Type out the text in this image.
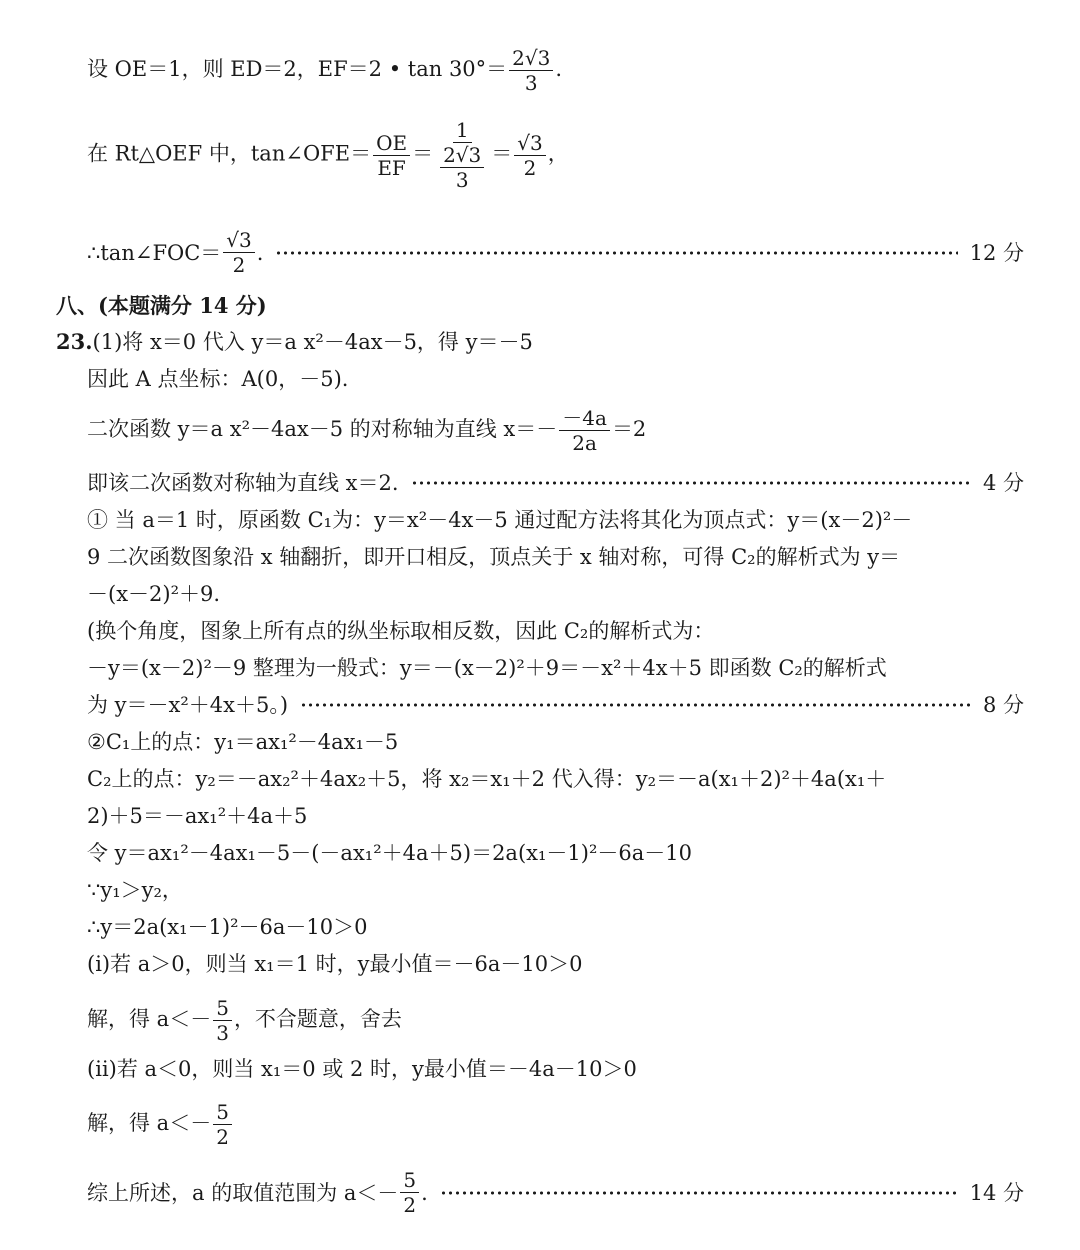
设 OE＝1，则 ED＝2，EF＝2 • $\tan 30^\circ= \frac{2√3}{3}$ .
在 Rt△OEF 中，tan∠OFE＝ $\frac{OE}{EF} = \frac{1}{\frac{2√3}{3}} = \frac{√3}{2}$ ，
∴tan∠FOC＝ $\frac{√3}{2}$ .	12 分
八、(本题满分 14 分)
23.(1)将 x＝0 代入 y＝a x²－4ax－5，得 y＝－5
因此 A 点坐标：A(0，－5).
二次函数 y＝a x²－4ax－5 的对称轴为直线 $x=- \frac{-4a}{2a} =2$
即该二次函数对称轴为直线 x＝2.	4 分
① 当 a＝1 时，原函数 C₁为：y＝x²－4x－5 通过配方法将其化为顶点式：y＝(x－2)²－
9 二次函数图象沿 x 轴翻折，即开口相反，顶点关于 x 轴对称，可得 C₂的解析式为 y＝
－(x－2)²＋9.
(换个角度，图象上所有点的纵坐标取相反数，因此 C₂的解析式为：
－y＝(x－2)²－9 整理为一般式：y＝－(x－2)²＋9＝－x²＋4x＋5 即函数 C₂的解析式
为 y＝－x²＋4x＋5。)	8 分
②C₁上的点：y₁＝ax₁²－4ax₁－5
C₂上的点：y₂＝－ax₂²＋4ax₂＋5，将 x₂＝x₁＋2 代入得：y₂＝－a(x₁＋2)²＋4a(x₁＋
2)＋5＝－ax₁²＋4a＋5
令 y＝ax₁²－4ax₁－5－(－ax₁²＋4a＋5)＝2a(x₁－1)²－6a－10
∵y₁＞y₂，
∴y＝2a(x₁－1)²－6a－10＞0
(ⅰ)若 a＞0，则当 x₁＝1 时，y最小值＝－6a－10＞0
解，得 $a<- \frac{5}{3}$ ，不合题意，舍去
(ⅱ)若 a＜0，则当 x₁＝0 或 2 时，y最小值＝－4a－10＞0
解，得 $a<- \frac{5}{2}$
综上所述，a 的取值范围为 $a<- \frac{5}{2}$ .	14 分
